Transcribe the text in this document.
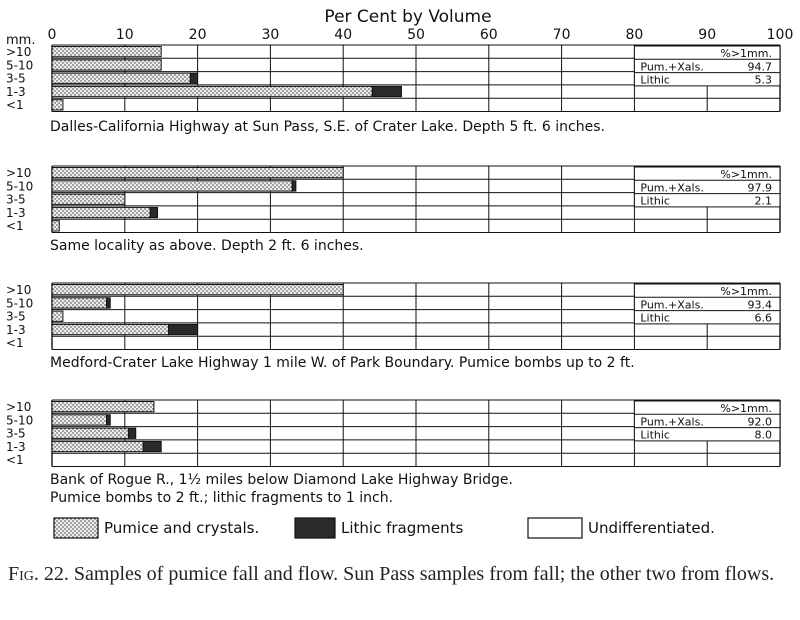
Per Cent by Volume
mm.
>10
5-10
3-5
1-3
<1
%>1mm.
Pum.+Xals.	94.7
Lithic	5.3
Dalles-California Highway at Sun Pass, S.E. of Crater Lake. Depth 5 ft. 6 inches.
>10
5-10
3-5
1-3
<1
%>1mm.
Pum.+Xals.	97.9
Lithic	2.1
Same locality as above. Depth 2 ft. 6 inches.
>10
5-10
3-5
1-3
<1
%>1mm.
Pum.+Xals.	93.4
Lithic	6.6
Medford-Crater Lake Highway 1 mile W. of Park Boundary. Pumice bombs up to 2 ft.
>10
5-10
3-5
1-3
<1
%>1mm.
Pum.+Xals.	92.0
Lithic	8.0
Bank of Rogue R., 1½ miles below Diamond Lake Highway Bridge.
Pumice bombs to 2 ft.; lithic fragments to 1 inch.
Pumice and crystals.	Lithic fragments	Undifferentiated.
0	10	20	30	40	50	60	70	80	90	100
Fig. 22. Samples of pumice fall and flow. Sun Pass samples from fall; the other two from flows.
